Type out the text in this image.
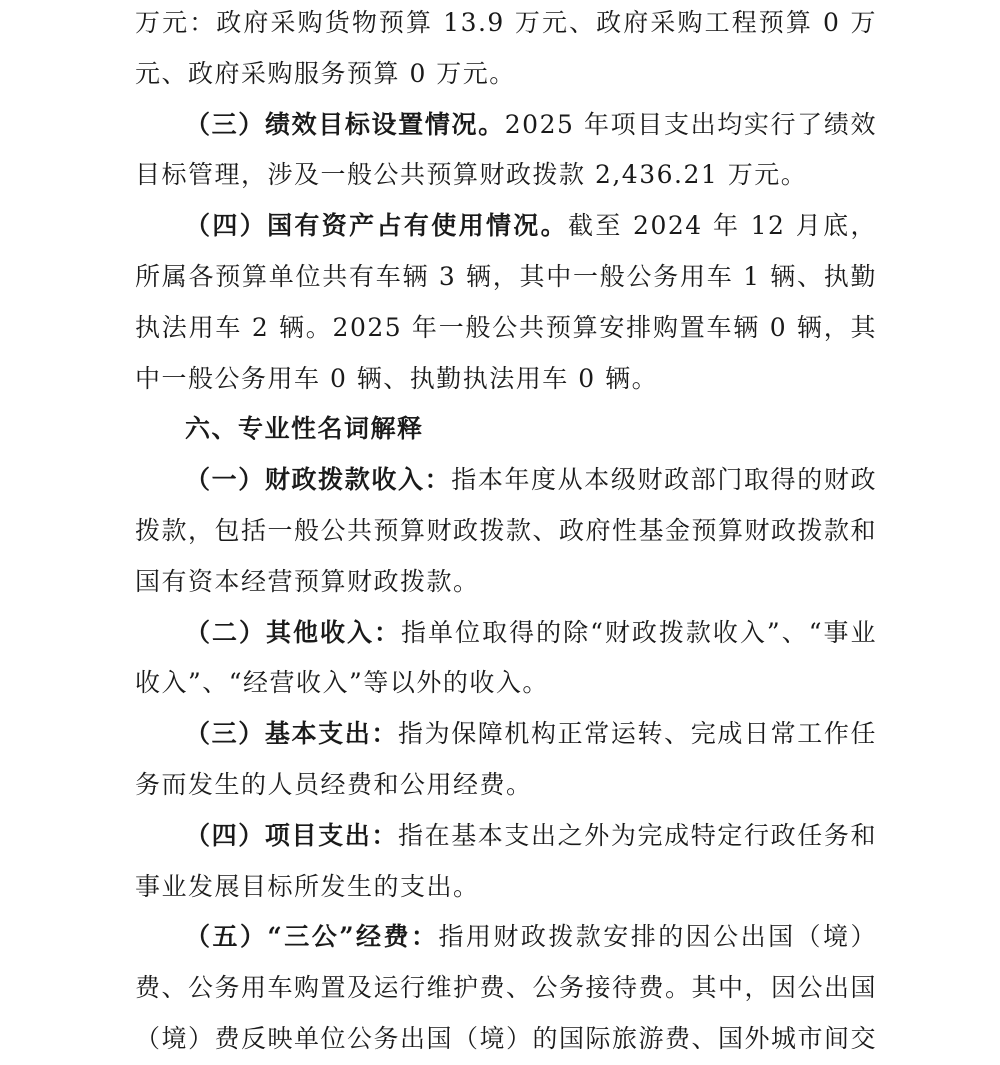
万元：政府采购货物预算 13.9 万元、政府采购工程预算 0 万元、政府采购服务预算 0 万元。

（三）绩效目标设置情况。2025 年项目支出均实行了绩效目标管理，涉及一般公共预算财政拨款 2,436.21 万元。

（四）国有资产占有使用情况。截至 2024 年 12 月底，所属各预算单位共有车辆 3 辆，其中一般公务用车 1 辆、执勤执法用车 2 辆。2025 年一般公共预算安排购置车辆 0 辆，其中一般公务用车 0 辆、执勤执法用车 0 辆。

六、专业性名词解释

（一）财政拨款收入：指本年度从本级财政部门取得的财政拨款，包括一般公共预算财政拨款、政府性基金预算财政拨款和国有资本经营预算财政拨款。

（二）其他收入：指单位取得的除“财政拨款收入”、“事业收入”、“经营收入”等以外的收入。

（三）基本支出：指为保障机构正常运转、完成日常工作任务而发生的人员经费和公用经费。

（四）项目支出：指在基本支出之外为完成特定行政任务和事业发展目标所发生的支出。

（五）“三公”经费：指用财政拨款安排的因公出国（境）费、公务用车购置及运行维护费、公务接待费。其中，因公出国（境）费反映单位公务出国（境）的国际旅游费、国外城市间交
